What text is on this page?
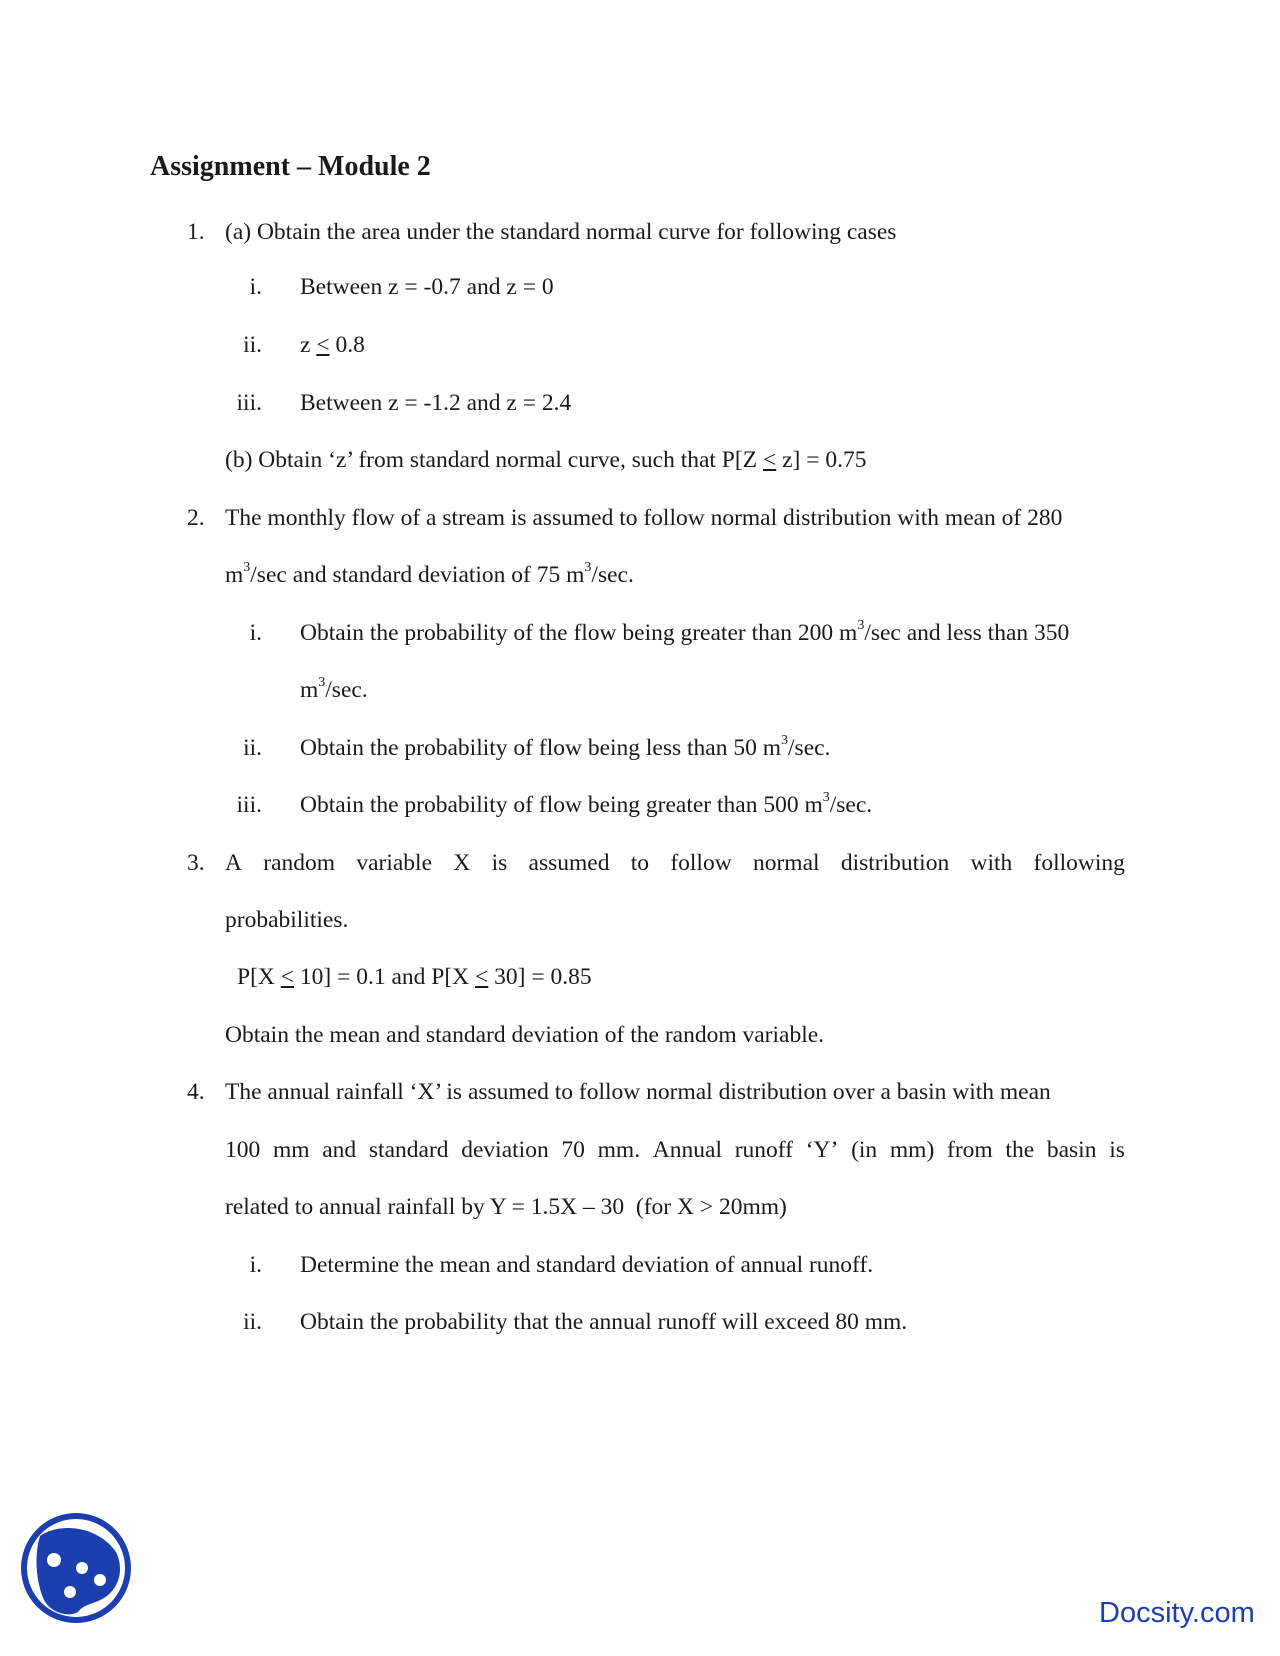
Assignment – Module 2
1. (a) Obtain the area under the standard normal curve for following cases
i. Between z = -0.7 and z = 0
ii. z ≤ 0.8
iii. Between z = -1.2 and z = 2.4
(b) Obtain ‘z’ from standard normal curve, such that P[Z ≤ z] = 0.75
2. The monthly flow of a stream is assumed to follow normal distribution with mean of 280
$m^3/\sec$ and standard deviation of 75 $m^3/\sec$.
i. Obtain the probability of the flow being greater than 200 $m^3/\sec$ and less than 350
$m^3/\sec$.
ii. Obtain the probability of flow being less than 50 $m^3/\sec$.
iii. Obtain the probability of flow being greater than 500 $m^3/\sec$.
3. A random variable X is assumed to follow normal distribution with following
probabilities.
P[X ≤ 10] = 0.1 and P[X ≤ 30] = 0.85
Obtain the mean and standard deviation of the random variable.
4. The annual rainfall ‘X’ is assumed to follow normal distribution over a basin with mean
100 mm and standard deviation 70 mm. Annual runoff ‘Y’ (in mm) from the basin is
related to annual rainfall by Y = 1.5X – 30  (for X > 20mm)
i. Determine the mean and standard deviation of annual runoff.
ii. Obtain the probability that the annual runoff will exceed 80 mm.
Docsity.com
